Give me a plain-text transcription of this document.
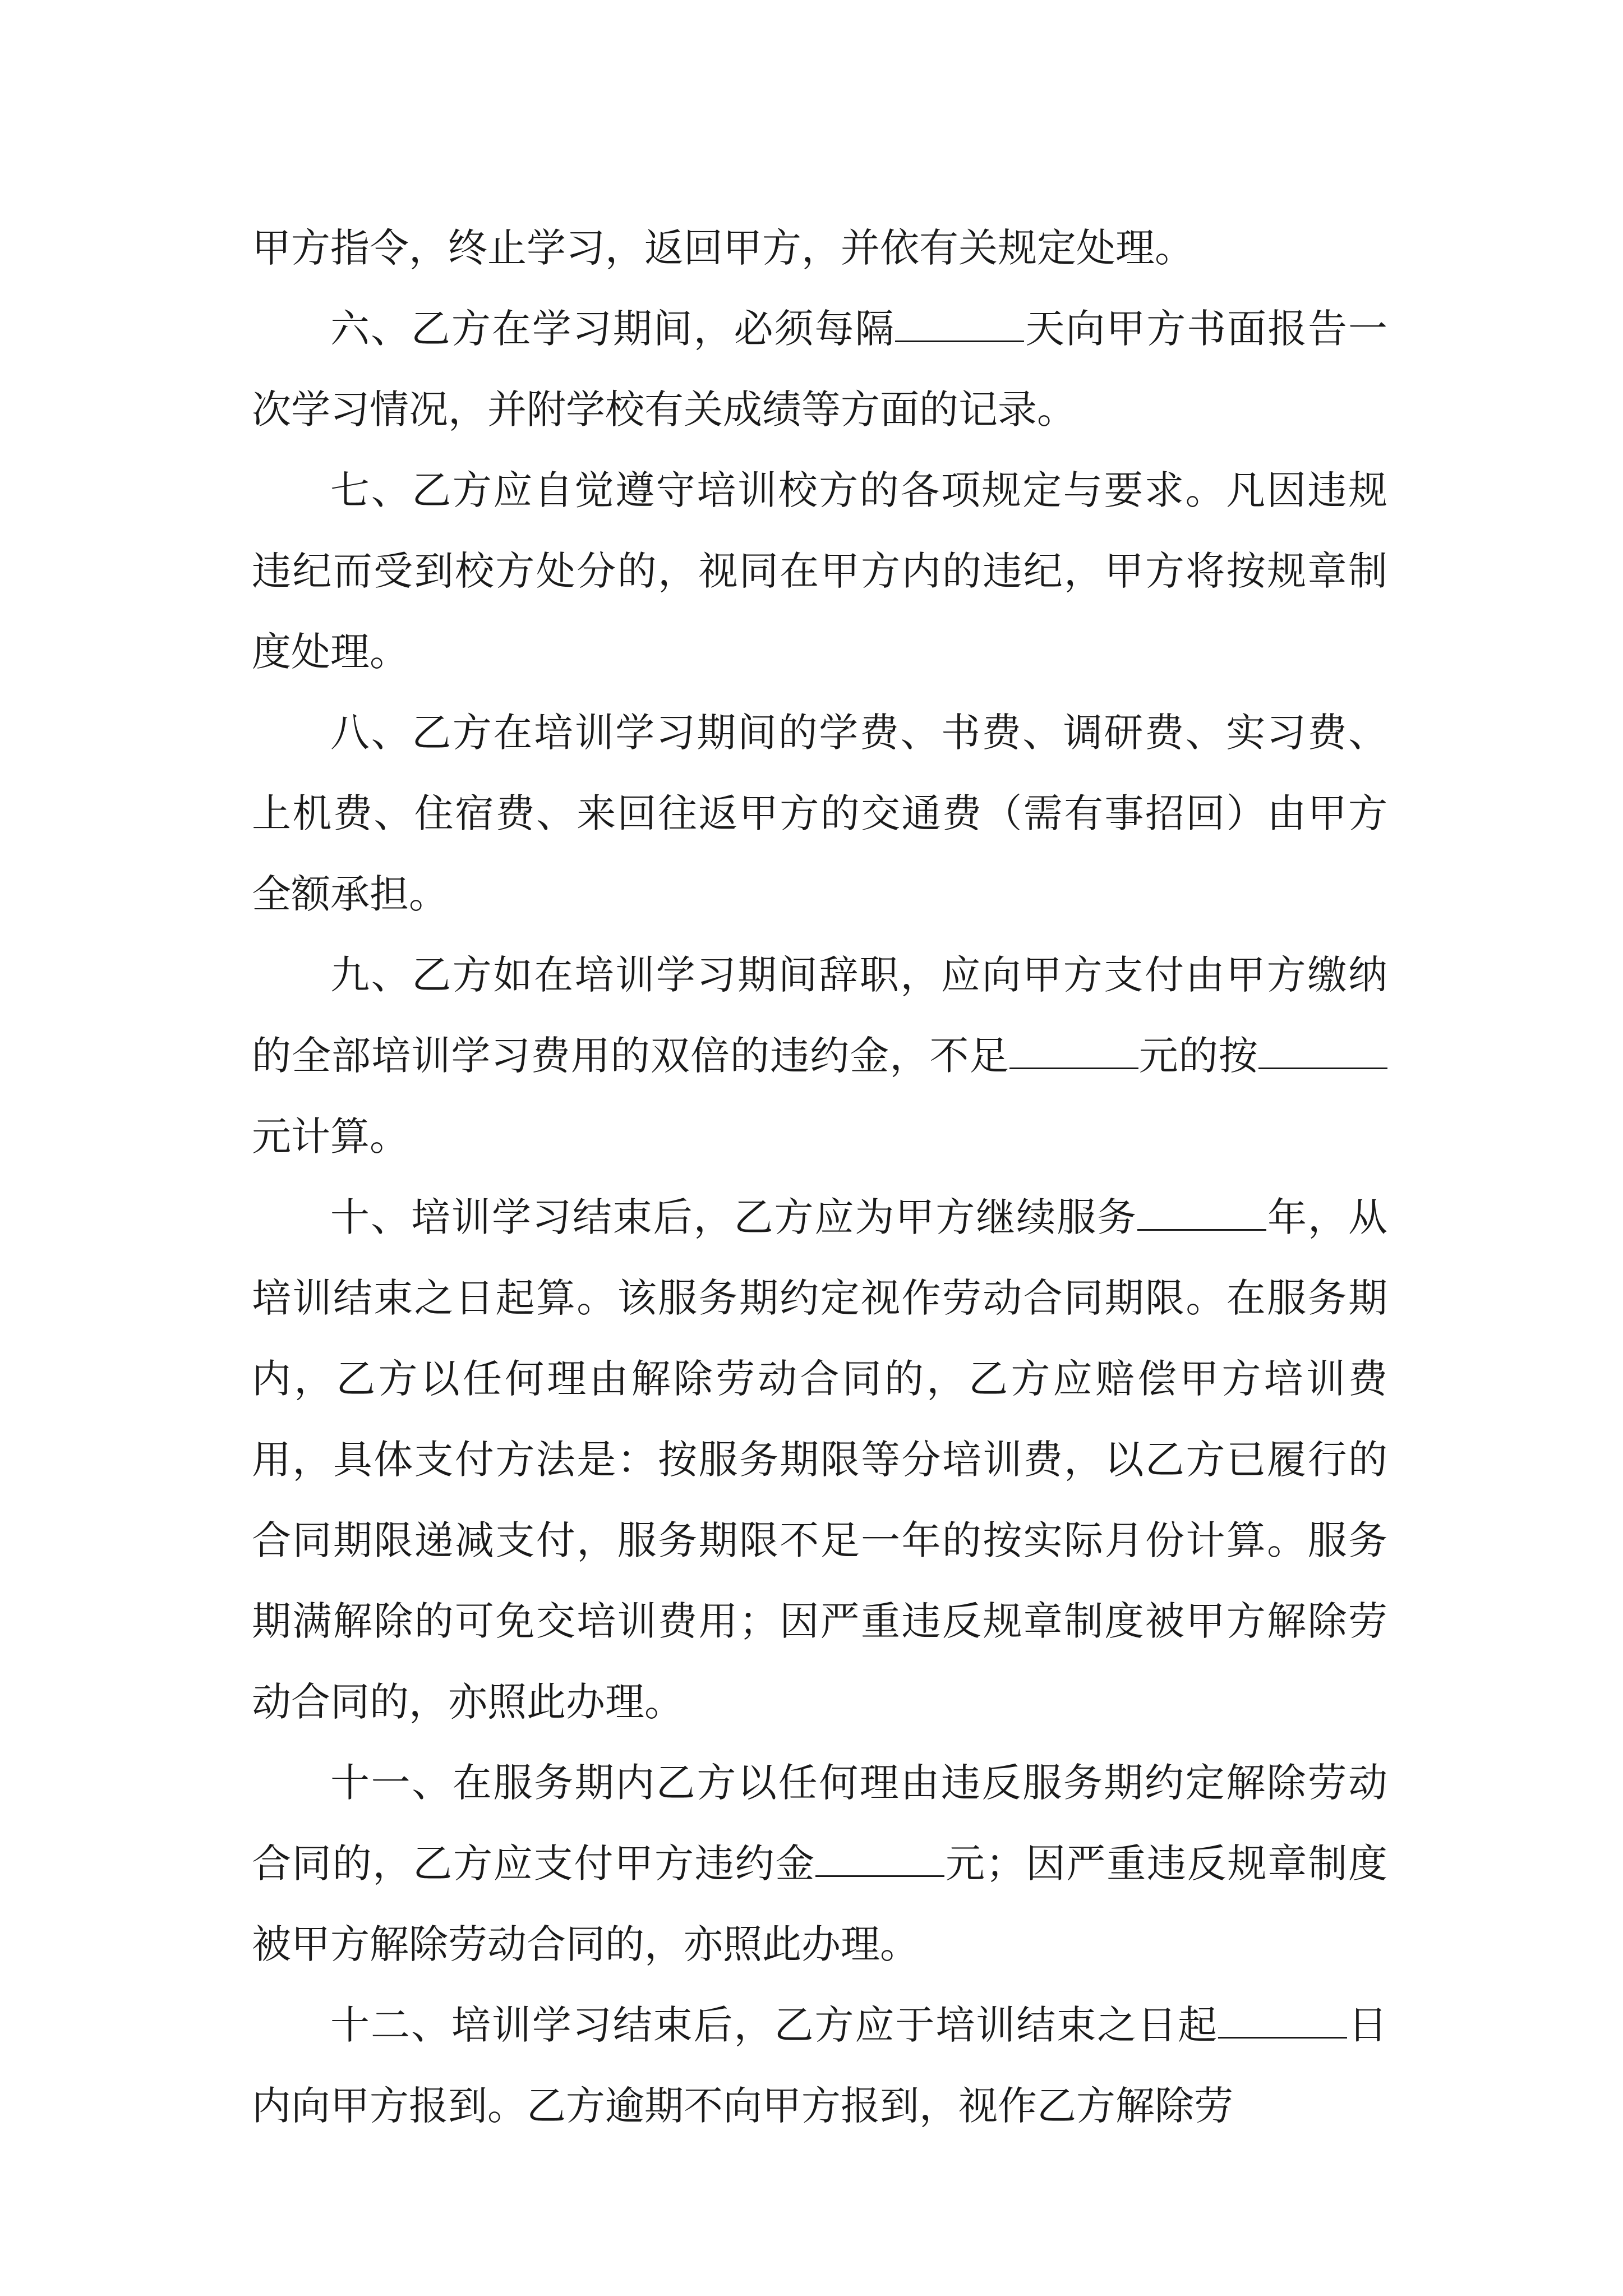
甲方指令，终止学习，返回甲方，并依有关规定处理。

六、乙方在学习期间，必须每隔	天向甲方书面报告一次学习情况，并附学校有关成绩等方面的记录。

七、乙方应自觉遵守培训校方的各项规定与要求。凡因违规违纪而受到校方处分的，视同在甲方内的违纪，甲方将按规章制度处理。

八、乙方在培训学习期间的学费、书费、调研费、实习费、上机费、住宿费、来回往返甲方的交通费（需有事招回）由甲方全额承担。

九、乙方如在培训学习期间辞职，应向甲方支付由甲方缴纳的全部培训学习费用的双倍的违约金，不足	元的按元计算。

十、培训学习结束后，乙方应为甲方继续服务	年，从培训结束之日起算。该服务期约定视作劳动合同期限。在服务期内，乙方以任何理由解除劳动合同的，乙方应赔偿甲方培训费用，具体支付方法是：按服务期限等分培训费，以乙方已履行的合同期限递减支付，服务期限不足一年的按实际月份计算。服务期满解除的可免交培训费用；因严重违反规章制度被甲方解除劳动合同的，亦照此办理。

十一、在服务期内乙方以任何理由违反服务期约定解除劳动合同的，乙方应支付甲方违约金	元；因严重违反规章制度被甲方解除劳动合同的，亦照此办理。

十二、培训学习结束后，乙方应于培训结束之日起	日内向甲方报到。乙方逾期不向甲方报到，视作乙方解除劳
